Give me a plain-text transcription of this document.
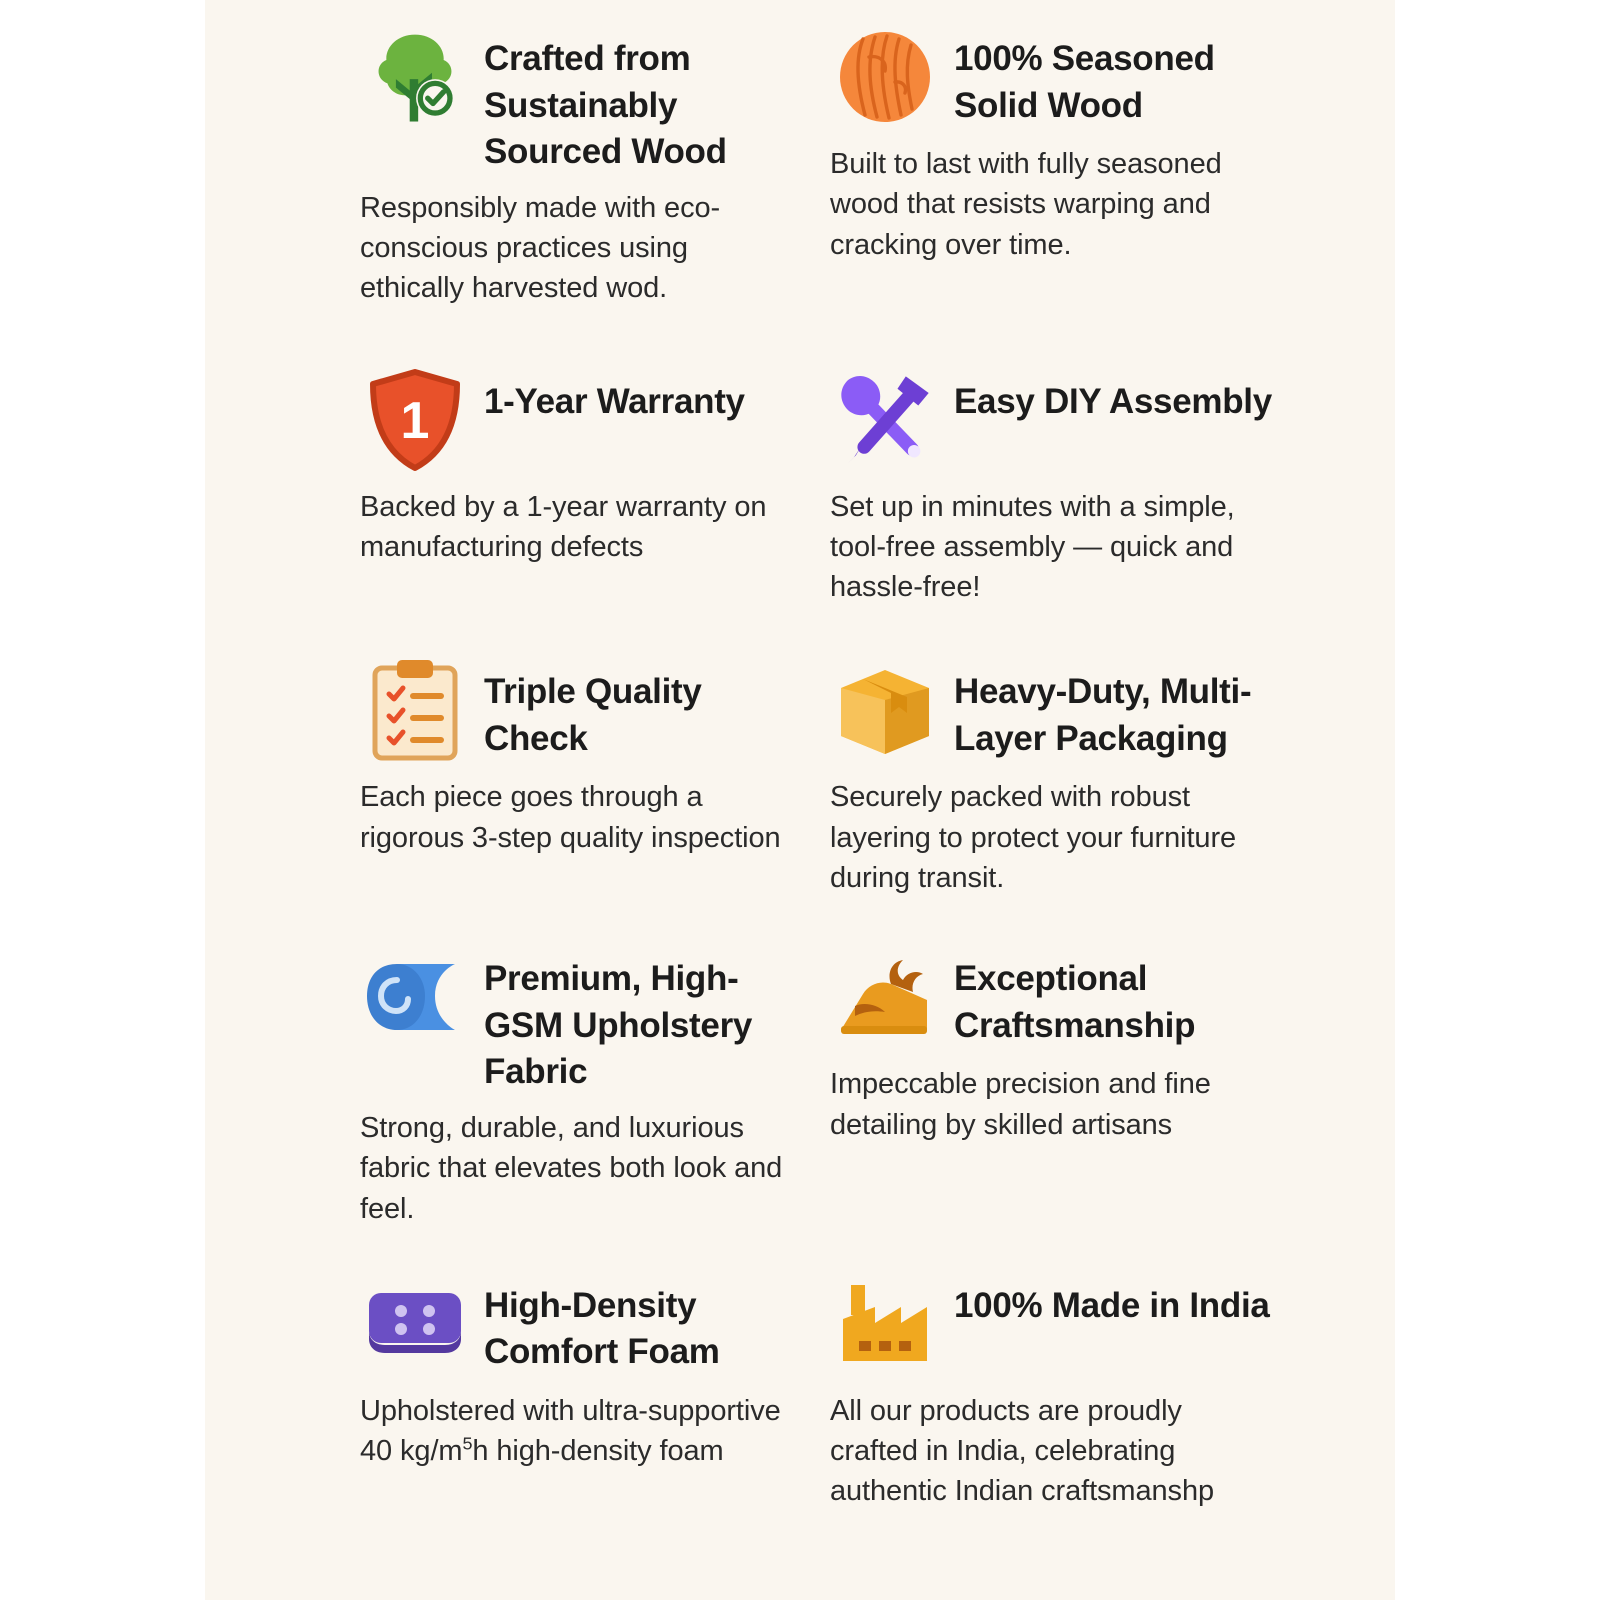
Crafted from Sustainably Sourced Wood
Responsibly made with eco-conscious practices using ethically harvested wod.
100% Seasoned Solid Wood
Built to last with fully seasoned wood that resists warping and cracking over time.
1 1-Year Warranty
Backed by a 1-year warranty on manufacturing defects
Easy DIY Assembly
Set up in minutes with a simple, tool-free assembly — quick and hassle-free!
Triple Quality Check
Each piece goes through a rigorous 3-step quality inspection
Heavy-Duty, Multi-Layer Packaging
Securely packed with robust layering to protect your furniture during transit.
Premium, High-GSM Upholstery Fabric
Strong, durable, and luxurious fabric that elevates both look and feel.
Exceptional Craftsmanship
Impeccable precision and fine detailing by skilled artisans
High-Density Comfort Foam
Upholstered with ultra-supportive 40 $kg/m^5h$ high-density foam
100% Made in India
All our products are proudly crafted in India, celebrating authentic Indian craftsmanshp
